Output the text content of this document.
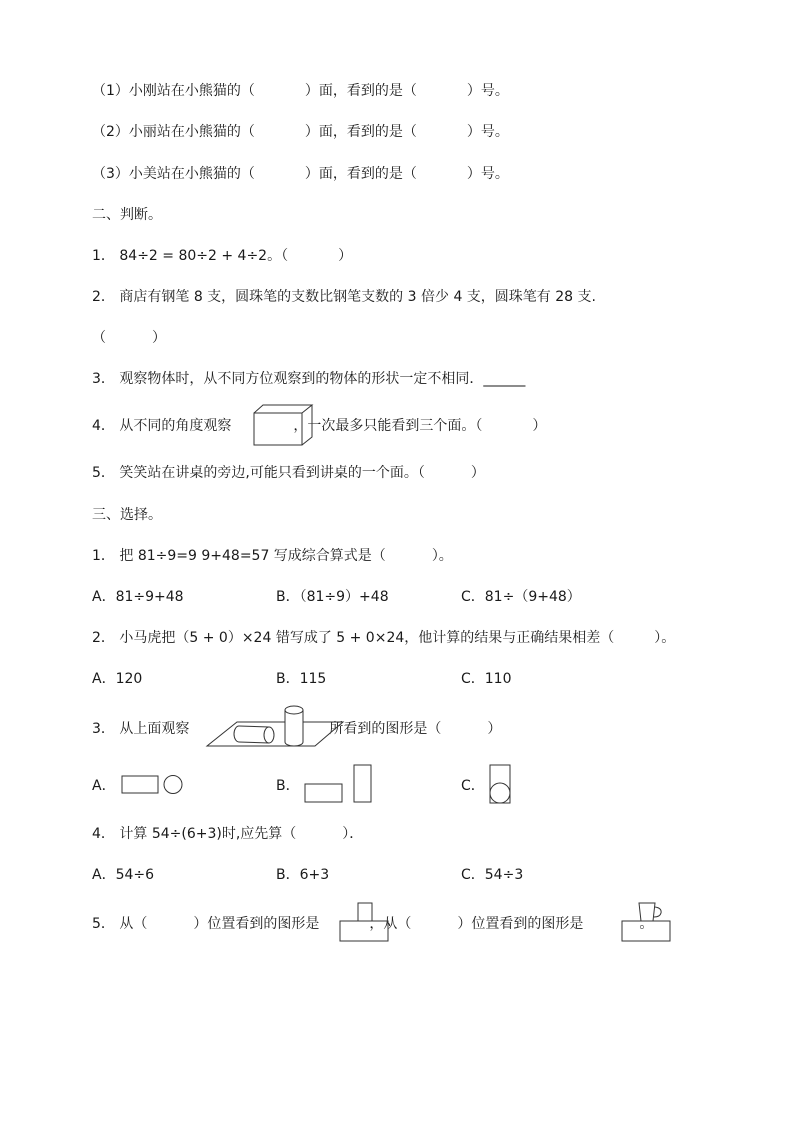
（1）小刚站在小熊猫的（	）面，看到的是（	）号。
（2）小丽站在小熊猫的（	）面，看到的是（	）号。
（3）小美站在小熊猫的（	）面，看到的是（	）号。
二、判断。
1． 84÷2 = 80÷2 + 4÷2。（	）
2． 商店有钢笔 8 支，圆珠笔的支数比钢笔支数的 3 倍少 4 支，圆珠笔有 28 支.
（	）
3． 观察物体时，从不同方位观察到的物体的形状一定不相同．______
4． 从不同的角度观察	，一次最多只能看到三个面。（	）
5． 笑笑站在讲桌的旁边,可能只看到讲桌的一个面。（	）
三、选择。
1． 把 81÷9=9 9+48=57 写成综合算式是（	）。
A．81÷9+48	B．（81÷9）+48	C．81÷（9+48）
2． 小马虎把（5 + 0）×24 错写成了 5 + 0×24，他计算的结果与正确结果相差（	）。
A．120	B．115	C．110
3． 从上面观察	所看到的图形是（	）
A．	B．	C．
4． 计算 54÷(6+3)时,应先算（	）．
A．54÷6	B．6+3	C．54÷3
5． 从（	）位置看到的图形是	，从（	）位置看到的图形是	。
